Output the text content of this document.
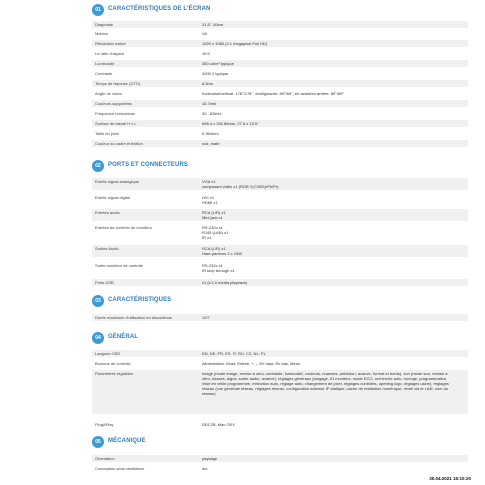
01	CARACTÉRISTIQUES DE L'ÉCRAN
Diagonale	31.5", 80cm
Matrice	VA
Résolution native	1920 x 1080 (2.1 megapixel Full HD)
Le ratio d'aspect	16:9
Luminosité	350 cd/m² typique
Contraste	4000:1 typique
Temps de réponse (GTG)	6.5ms
Angle de vision	horizontal/vertical: 178°/178°, droit/gauche: 89°/89°, en avant/en arrière: 89°/89°
Couleurs supportées	16.7mln
Fréquence horizontale	30 - 83kHz
Surface de travail H x L	698.4 x 392.85mm, 27.5 x 15.5"
Taille du pixel	0.364mm
Couleur du cadre et finition	noir, mate
02	PORTS ET CONNECTEURS
Entrée signal analogique	VGA x1
composant vidéo x1 (RGB Y(CVBS)/Pb/Pr)
Entrée signal digital	DVI x1
HDMI x1
Entrées audio	RCA (L/R) x1
Mini jack x1
Entrées de contrôle du moniteur	RS-232c x1
RJ45 (LAN) x1
IR x1
Sorties Audio	RCA (L/R) x1
Haut-parleurs 2 x 10W
Sortie moniteur de contrôle	RS-232c x1
IR loop through x1
Ports USB	x1 (v.2.0 media playback)
03	CARACTÉRISTIQUES
Durée maximum d'utilisation en discontinue	12/7
04	GÉNÉRAL
Langues OSD	EN, DE, FR, ES, IT, RU, CZ, NL, PL
Boutons de contrôle	Alimentation, Muet, Entrée, +, -, En haut, En bas, Menu
Paramètres réglables	image (mode image, remise à zéro, contraste, luminosité, couleurs, nuances, précision, avance, format et bords), son (mode son, remise à zéro, basses, aigus, sortie audio, avancé), réglages généraux (langage, ID moniteur, mode ECO, recherche auto, horloge, programmation, mise en veille programmée, extinction auto, réglage auto, changement de pixel, réglages contrôles, opening logo, réglages usine), réglages réseau (vue générale réseau, réglages réseau, configuration adresse IP statique, cache de restitution numérique, réveil via le LAN, nom du réseau)
Plug&Play	DDC2B, Mac OSX
05	MÉCANIQUE
Orientation	paysage
Conception sans ventilateur	oui
30.04.2021 16:10:20
